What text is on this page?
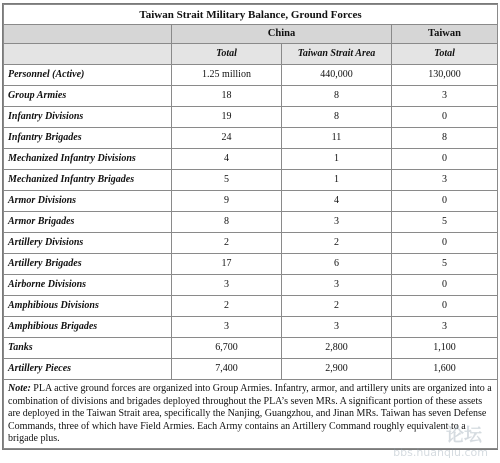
Taiwan Strait Military Balance, Ground Forces			
	China		Taiwan
	Total	Taiwan Strait Area	Total
Personnel (Active)	1.25 million	440,000	130,000
Group Armies	18	8	3
Infantry Divisions	19	8	0
Infantry Brigades	24	11	8
Mechanized Infantry Divisions	4	1	0
Mechanized Infantry Brigades	5	1	3
Armor Divisions	9	4	0
Armor Brigades	8	3	5
Artillery Divisions	2	2	0
Artillery Brigades	17	6	5
Airborne Divisions	3	3	0
Amphibious Divisions	2	2	0
Amphibious Brigades	3	3	3
Tanks	6,700	2,800	1,100
Artillery Pieces	7,400	2,900	1,600
Note: PLA active ground forces are organized into Group Armies. Infantry, armor, and artillery units are organized into a combination of divisions and brigades deployed throughout the PLA’s seven MRs. A significant portion of these assets are deployed in the Taiwan Strait area, specifically the Nanjing, Guangzhou, and Jinan MRs. Taiwan has seven Defense Commands, three of which have Field Armies. Each Army contains an Artillery Command roughly equivalent to a brigade plus.				论坛
bbs.huanqiu.com
